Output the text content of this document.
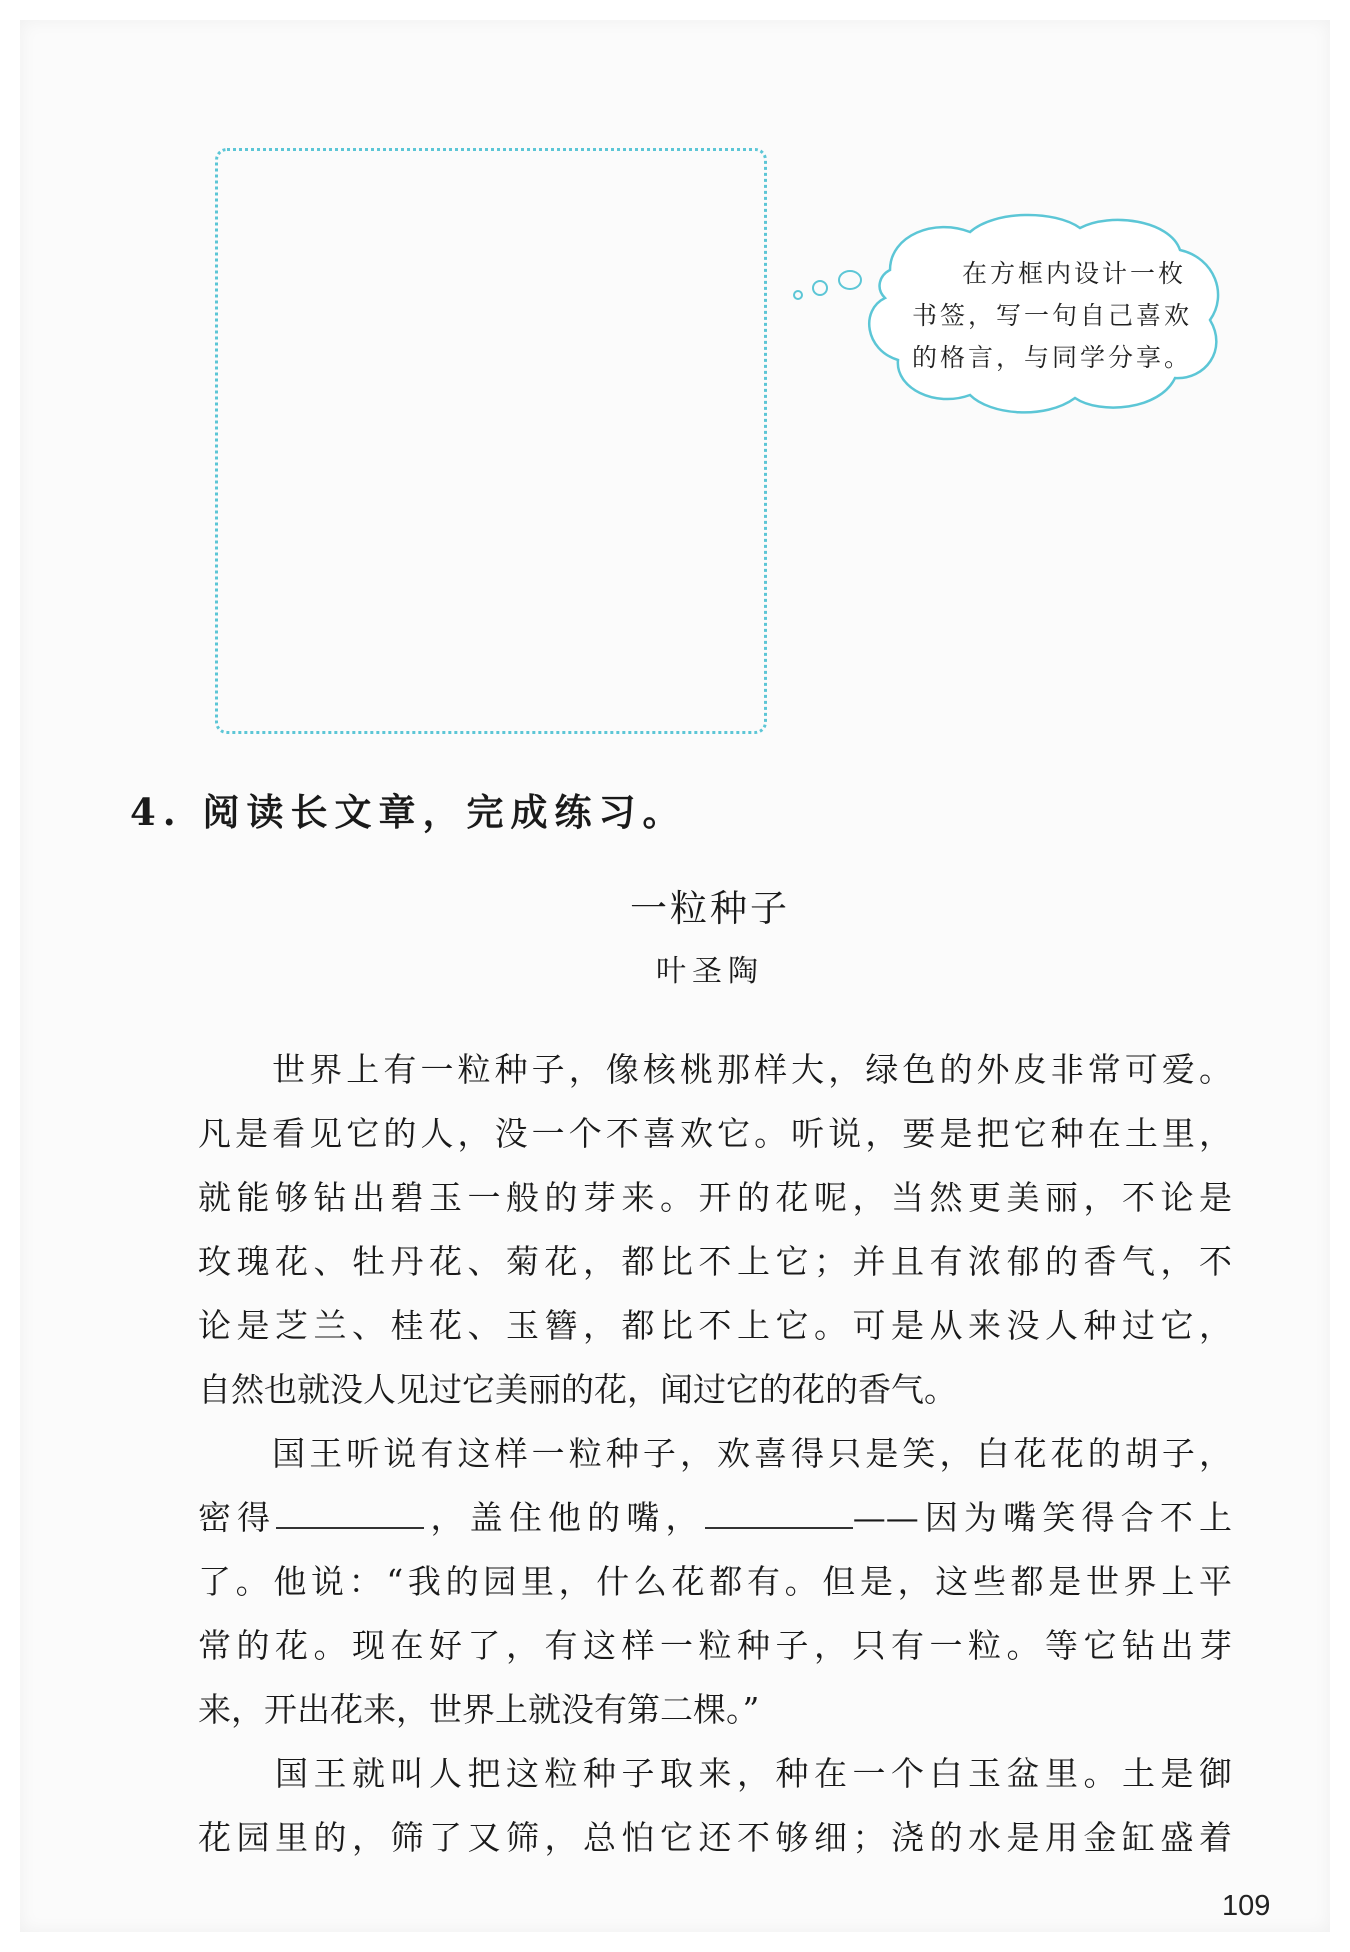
在方框内设计一枚
书签，写一句自己喜欢
的格言，与同学分享。
4. 阅读长文章，完成练习。
一粒种子
叶圣陶
　　世界上有一粒种子，像核桃那样大，绿色的外皮非常可爱。
凡是看见它的人，没一个不喜欢它。听说，要是把它种在土里，
就能够钻出碧玉一般的芽来。开的花呢，当然更美丽，不论是
玫瑰花、牡丹花、菊花，都比不上它；并且有浓郁的香气，不
论是芝兰、桂花、玉簪，都比不上它。可是从来没人种过它，
自然也就没人见过它美丽的花，闻过它的花的香气。
　　国王听说有这样一粒种子，欢喜得只是笑，白花花的胡子，
密得	，盖住他的嘴，	——因为嘴笑得合不上
了。他说：“我的园里，什么花都有。但是，这些都是世界上平
常的花。现在好了，有这样一粒种子，只有一粒。等它钻出芽
来，开出花来，世界上就没有第二棵。”
　　国王就叫人把这粒种子取来，种在一个白玉盆里。土是御
花园里的，筛了又筛，总怕它还不够细；浇的水是用金缸盛着
109
